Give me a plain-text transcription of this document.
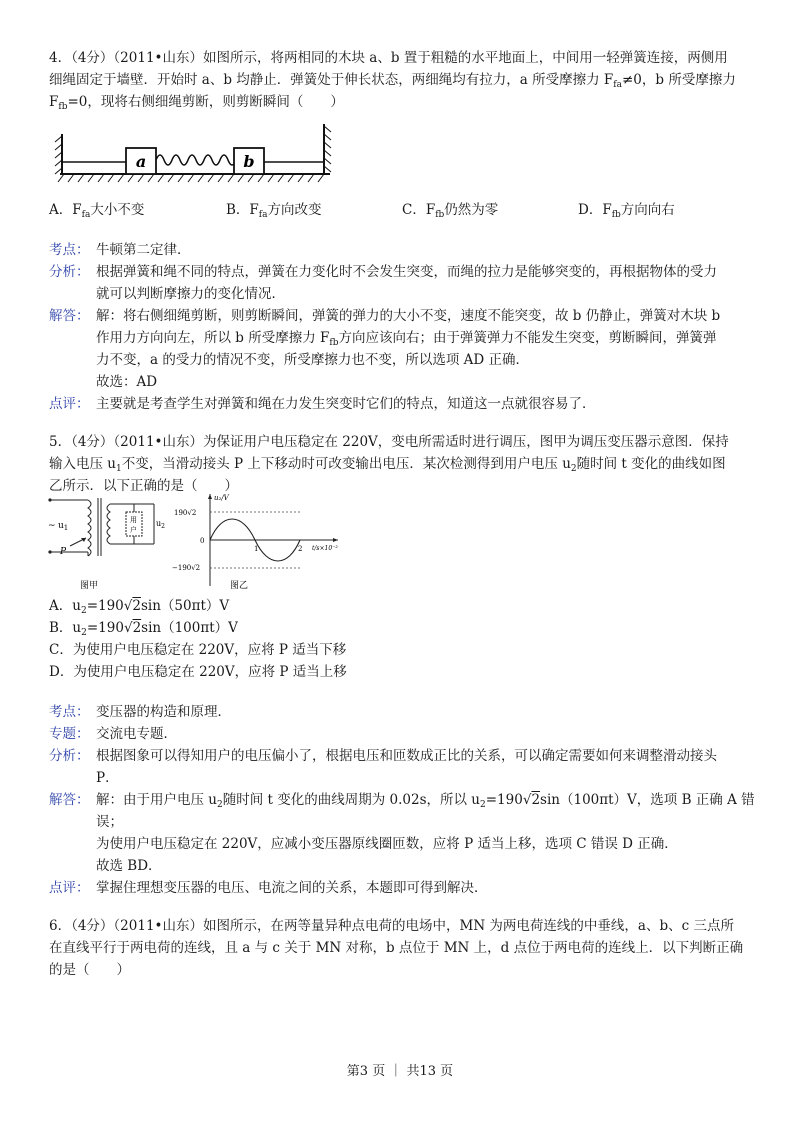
4．（4分）（2011•山东）如图所示，将两相同的木块 a、b 置于粗糙的水平地面上，中间用一轻弹簧连接，两侧用
细绳固定于墙壁．开始时 a、b 均静止．弹簧处于伸长状态，两细绳均有拉力，a 所受摩擦力 $F_{fa}\ne 0$，b 所受摩擦力
$F_{fb}=0$，现将右侧细绳剪断，则剪断瞬间（　　）
a	b
A．$F_{fa}$大小不变	B．$F_{fa}$方向改变	C．$F_{fb}$仍然为零	D．$F_{fb}$方向向右
考点： 牛顿第二定律．
分析： 根据弹簧和绳不同的特点，弹簧在力变化时不会发生突变，而绳的拉力是能够突变的，再根据物体的受力
就可以判断摩擦力的变化情况．
解答： 解：将右侧细绳剪断，则剪断瞬间，弹簧的弹力的大小不变，速度不能突变，故 b 仍静止，弹簧对木块 b
作用力方向向左，所以 b 所受摩擦力 $F_{fb}$方向应该向右；由于弹簧弹力不能发生突变，剪断瞬间，弹簧弹
力不变，a 的受力的情况不变，所受摩擦力也不变，所以选项 AD 正确．
故选：AD
点评： 主要就是考查学生对弹簧和绳在力发生突变时它们的特点，知道这一点就很容易了．
5．（4分）（2011•山东）为保证用户电压稳定在 220V，变电所需适时进行调压，图甲为调压变压器示意图．保持
输入电压 $u_1$不变，当滑动接头 P 上下移动时可改变输出电压．某次检测得到用户电压 $u_2$随时间 t 变化的曲线如图
乙所示．以下正确的是（　　）
~ $u_1$
P
用
户
$u_2$
图甲
u₂/V
190√2
0
−190√2
1	2 t/s×10⁻²
图乙
A．$u_2=190√2\sin(50\pi t)V$
B．$u_2=190√2\sin(100\pi t)V$
C．为使用户电压稳定在 220V，应将 P 适当下移
D．为使用户电压稳定在 220V，应将 P 适当上移
考点： 变压器的构造和原理．
专题： 交流电专题．
分析： 根据图象可以得知用户的电压偏小了，根据电压和匝数成正比的关系，可以确定需要如何来调整滑动接头
P．
解答： 解：由于用户电压 $u_2$随时间 t 变化的曲线周期为 0.02s，所以 $u_2=190√2\sin(100\pi t)V$，选项 B 正确 A 错
误；
为使用户电压稳定在 220V，应减小变压器原线圈匝数，应将 P 适当上移，选项 C 错误 D 正确．
故选 BD．
点评： 掌握住理想变压器的电压、电流之间的关系，本题即可得到解决．
6．（4分）（2011•山东）如图所示，在两等量异种点电荷的电场中，MN 为两电荷连线的中垂线，a、b、c 三点所
在直线平行于两电荷的连线，且 a 与 c 关于 MN 对称，b 点位于 MN 上，d 点位于两电荷的连线上．以下判断正确
的是（　　）
第3 页 ｜ 共13 页
